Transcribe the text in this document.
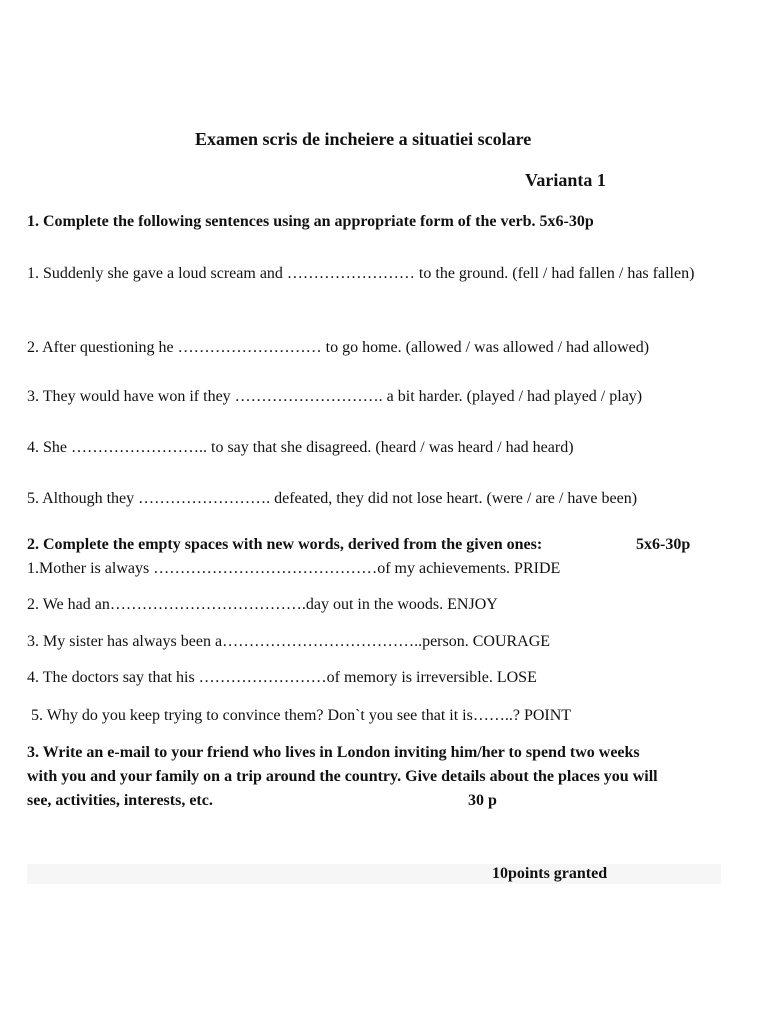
Examen scris de incheiere a situatiei scolare
Varianta 1
1. Complete the following sentences using an appropriate form of the verb. 5x6-30p
1. Suddenly she gave a loud scream and …………………… to the ground. (fell / had fallen / has fallen)
2. After questioning he ……………………… to go home. (allowed / was allowed / had allowed)
3. They would have won if they ………………………. a bit harder. (played / had played / play)
4. She …………………….. to say that she disagreed. (heard / was heard / had heard)
5. Although they ……………………. defeated, they did not lose heart. (were / are / have been)
2. Complete the empty spaces with new words, derived from the given ones:	5x6-30p
1.Mother is always ……………………………………of my achievements. PRIDE
2. We had an……………………………….day out in the woods. ENJOY
3. My sister has always been a………………………………..person. COURAGE
4. The doctors say that his ……………………of memory is irreversible. LOSE
5. Why do you keep trying to convince them? Don`t you see that it is……..? POINT
3. Write an e-mail to your friend who lives in London inviting him/her to spend two weeks
with you and your family on a trip around the country. Give details about the places you will
see, activities, interests, etc.	30 p
10points granted
